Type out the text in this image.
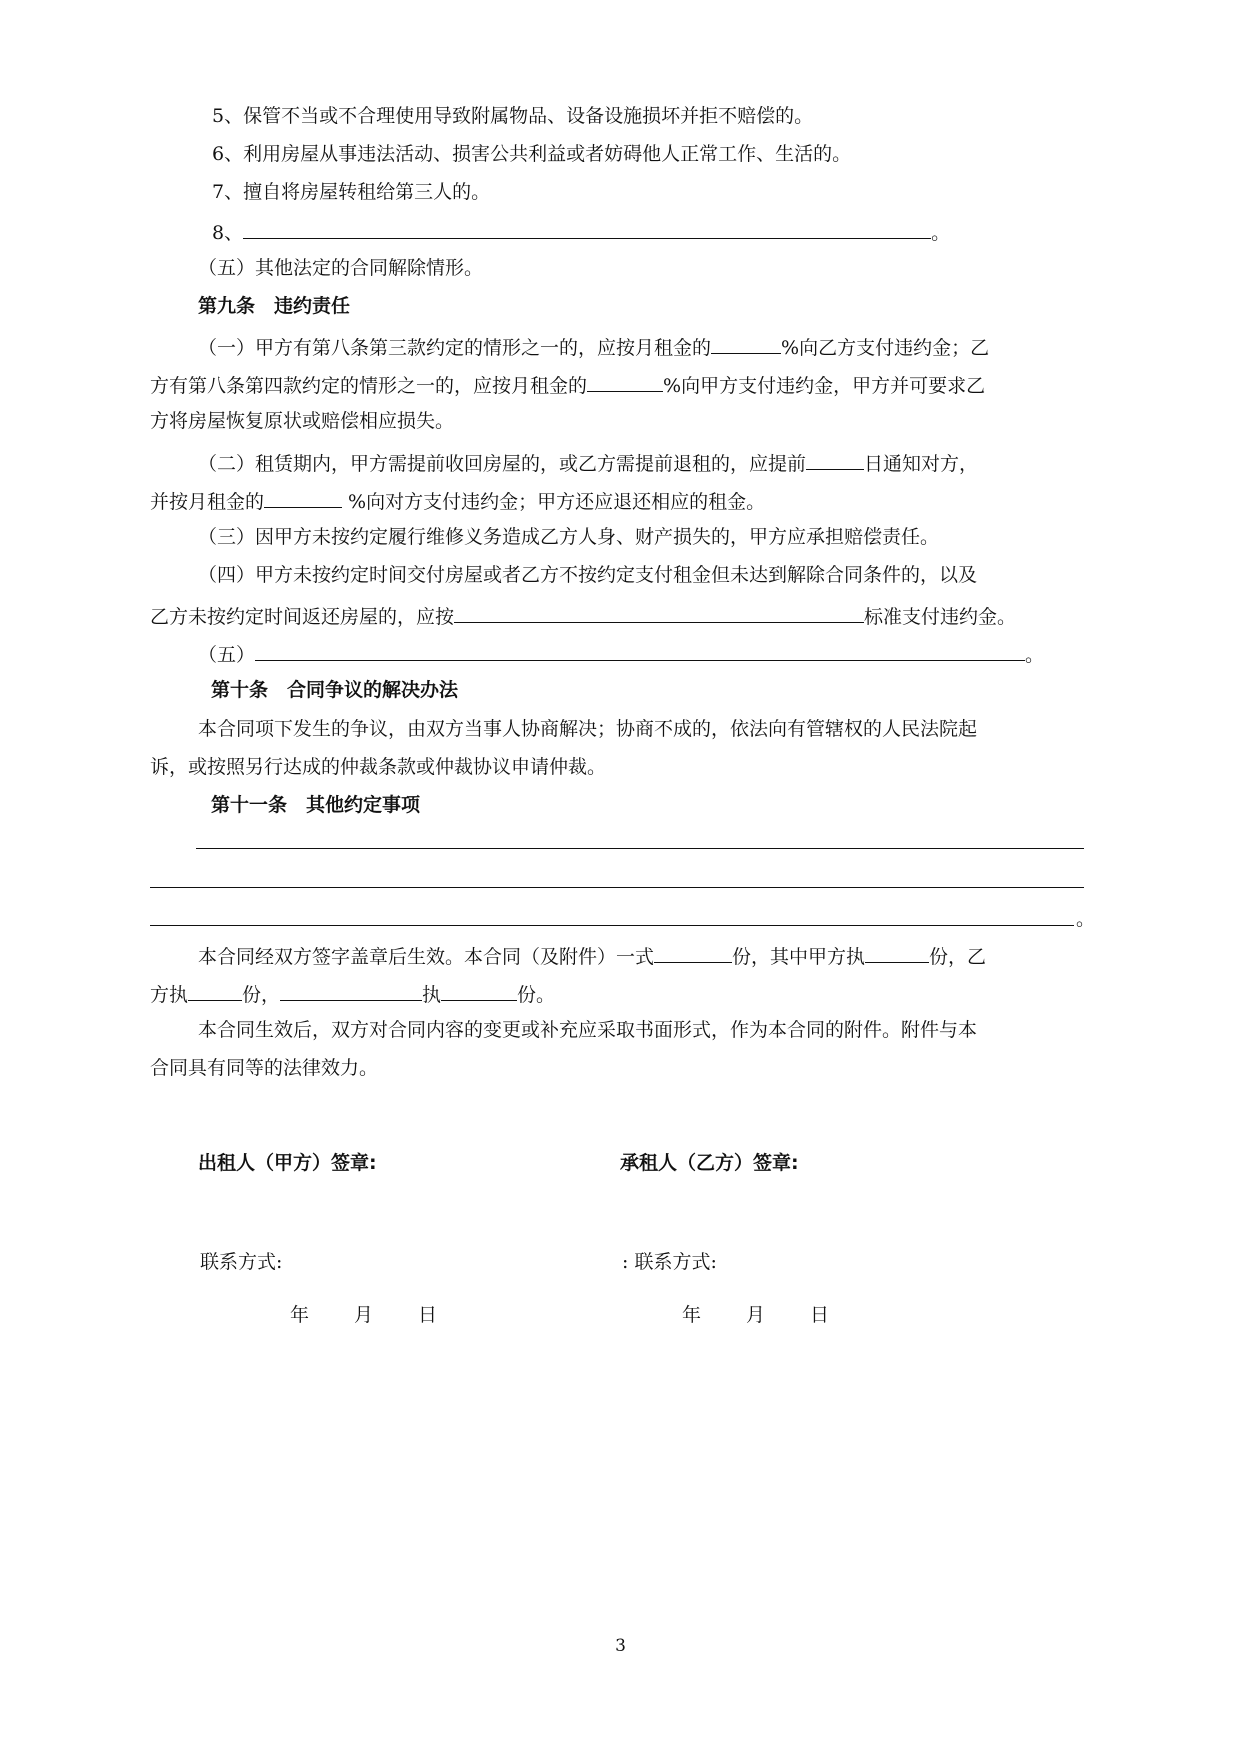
5、保管不当或不合理使用导致附属物品、设备设施损坏并拒不赔偿的。
6、利用房屋从事违法活动、损害公共利益或者妨碍他人正常工作、生活的。
7、擅自将房屋转租给第三人的。
8、	。
（五）其他法定的合同解除情形。
第九条　违约责任
（一）甲方有第八条第三款约定的情形之一的，应按月租金的	%向乙方支付违约金；乙
方有第八条第四款约定的情形之一的，应按月租金的	%向甲方支付违约金，甲方并可要求乙
方将房屋恢复原状或赔偿相应损失。
（二）租赁期内，甲方需提前收回房屋的，或乙方需提前退租的，应提前	日通知对方，
并按月租金的	%向对方支付违约金；甲方还应退还相应的租金。
（三）因甲方未按约定履行维修义务造成乙方人身、财产损失的，甲方应承担赔偿责任。
（四）甲方未按约定时间交付房屋或者乙方不按约定支付租金但未达到解除合同条件的，以及
乙方未按约定时间返还房屋的，应按	标准支付违约金。
（五）	。
第十条　合同争议的解决办法
本合同项下发生的争议，由双方当事人协商解决；协商不成的，依法向有管辖权的人民法院起
诉，或按照另行达成的仲裁条款或仲裁协议申请仲裁。
第十一条　其他约定事项
。
本合同经双方签字盖章后生效。本合同（及附件）一式	份，其中甲方执	份，乙
方执	份，	执	份。
本合同生效后，双方对合同内容的变更或补充应采取书面形式，作为本合同的附件。附件与本
合同具有同等的法律效力。
出租人（甲方）签章:	承租人（乙方）签章:
联系方式:	: 联系方式:
年 月 日	年 月 日
3
